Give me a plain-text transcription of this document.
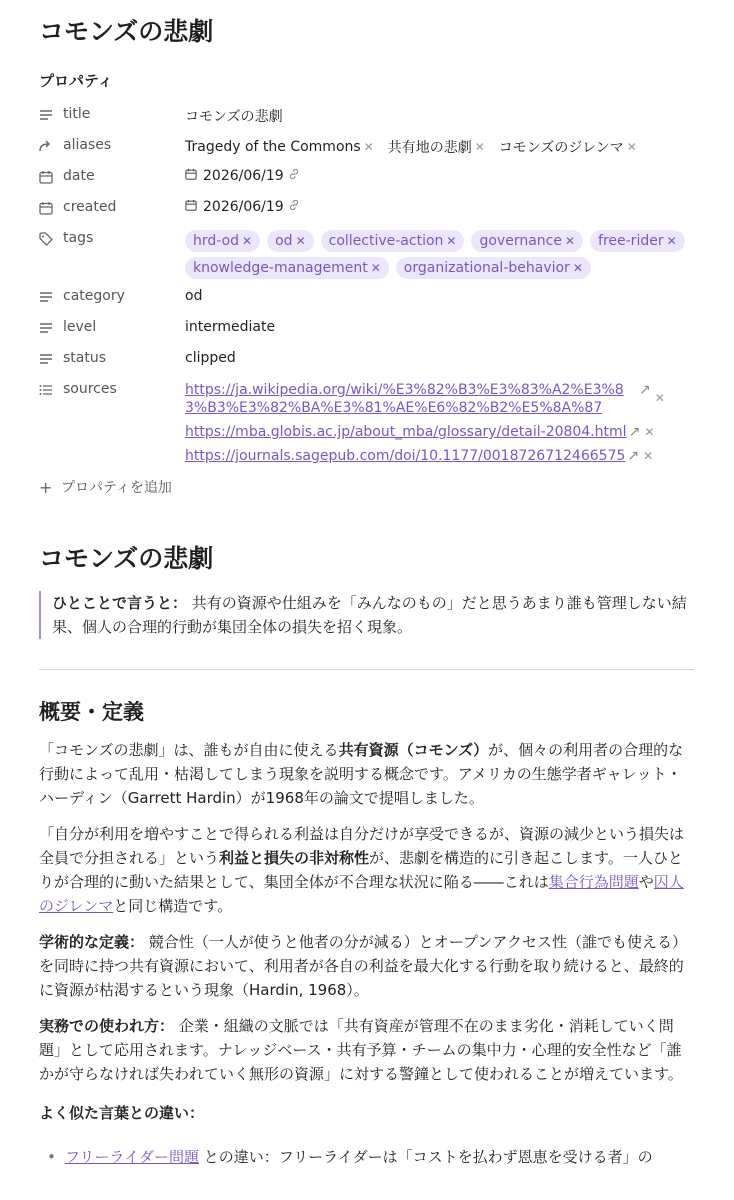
コモンズの悲劇
プロパティ
title	コモンズの悲劇
aliases	Tragedy of the Commons ✕ 共有地の悲劇 ✕ コモンズのジレンマ ✕
date	2026/06/19
created	2026/06/19
tags	hrd-od ✕ od ✕ collective-action ✕ governance ✕ free-rider ✕
knowledge-management ✕ organizational-behavior ✕
category	od
level	intermediate
status	clipped
sources	https://ja.wikipedia.org/wiki/%E3%82%B3%E3%83%A2%E3%83%B3%E3%82%BA%E3%81%AE%E6%82%B2%E5%8A%87
↗ ✕
https://mba.globis.ac.jp/about_mba/glossary/detail-20804.html ↗ ✕
https://journals.sagepub.com/doi/10.1177/0018726712466575 ↗ ✕
+ プロパティを追加
コモンズの悲劇
ひとことで言うと： 共有の資源や仕組みを「みんなのもの」だと思うあまり誰も管理しない結果、個人の合理的行動が集団全体の損失を招く現象。
概要・定義

「コモンズの悲劇」は、誰もが自由に使える共有資源（コモンズ）が、個々の利用者の合理的な行動によって乱用・枯渇してしまう現象を説明する概念です。アメリカの生態学者ギャレット・ハーディン（Garrett Hardin）が1968年の論文で提唱しました。

「自分が利用を増やすことで得られる利益は自分だけが享受できるが、資源の減少という損失は全員で分担される」という利益と損失の非対称性が、悲劇を構造的に引き起こします。一人ひとりが合理的に動いた結果として、集団全体が不合理な状況に陥る――これは集合行為問題や囚人のジレンマと同じ構造です。

学術的な定義： 競合性（一人が使うと他者の分が減る）とオープンアクセス性（誰でも使える）を同時に持つ共有資源において、利用者が各自の利益を最大化する行動を取り続けると、最終的に資源が枯渇するという現象（Hardin, 1968）。

実務での使われ方： 企業・組織の文脈では「共有資産が管理不在のまま劣化・消耗していく問題」として応用されます。ナレッジベース・共有予算・チームの集中力・心理的安全性など「誰かが守らなければ失われていく無形の資源」に対する警鐘として使われることが増えています。

よく似た言葉との違い：
• フリーライダー問題 との違い：フリーライダーは「コストを払わず恩恵を受ける者」の
